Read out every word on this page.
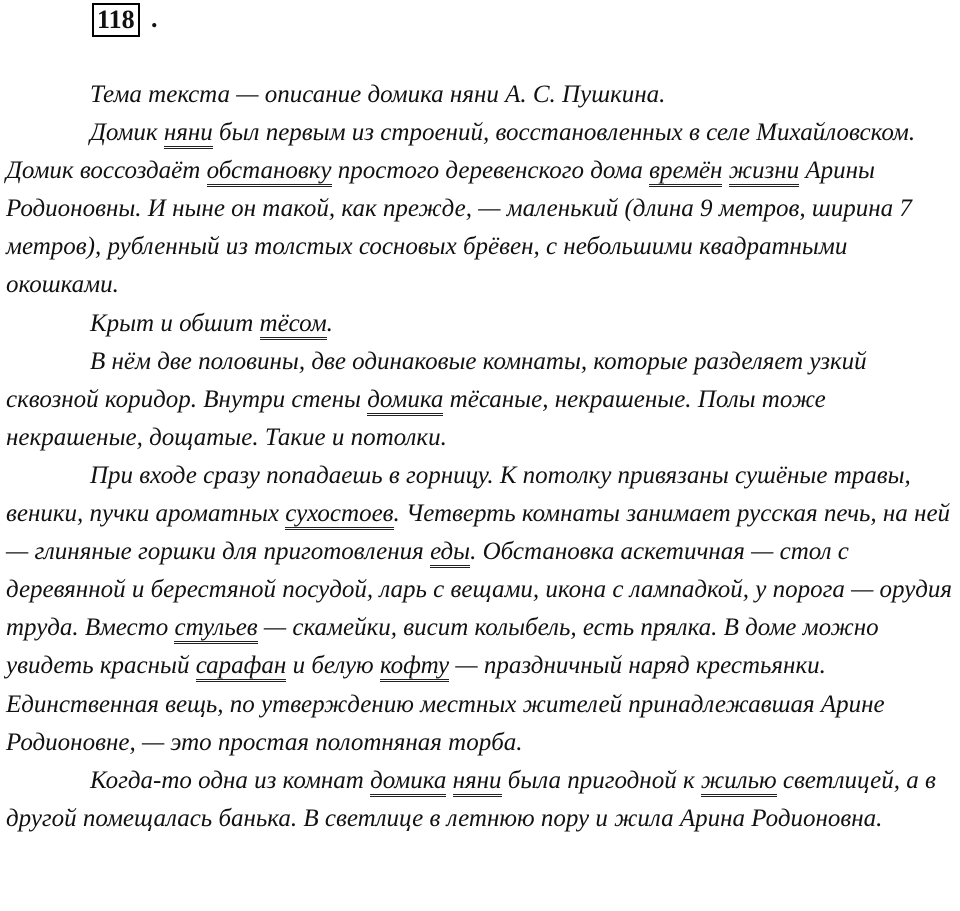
118 .

Тема текста — описание домика няни А. С. Пушкина.

Домик няни был первым из строений, восстановленных в селе Михайловском. Домик воссоздаёт обстановку простого деревенского дома времён жизни Арины Родионовны. И ныне он такой, как прежде, — маленький (длина 9 метров, ширина 7 метров), рубленный из толстых сосновых брёвен, с небольшими квадратными окошками.

Крыт и обшит тёсом.

В нём две половины, две одинаковые комнаты, которые разделяет узкий сквозной коридор. Внутри стены домика тёсаные, некрашеные. Полы тоже некрашеные, дощатые. Такие и потолки.

При входе сразу попадаешь в горницу. К потолку привязаны сушёные травы, веники, пучки ароматных сухостоев. Четверть комнаты занимает русская печь, на ней — глиняные горшки для приготовления еды. Обстановка аскетичная — стол с деревянной и берестяной посудой, ларь с вещами, икона с лампадкой, у порога — орудия труда. Вместо стульев — скамейки, висит колыбель, есть прялка. В доме можно увидеть красный сарафан и белую кофту — праздничный наряд крестьянки. Единственная вещь, по утверждению местных жителей принадлежавшая Арине Родионовне, — это простая полотняная торба.

Когда-то одна из комнат домика няни была пригодной к жилью светлицей, а в другой помещалась банька. В светлице в летнюю пору и жила Арина Родионовна.
